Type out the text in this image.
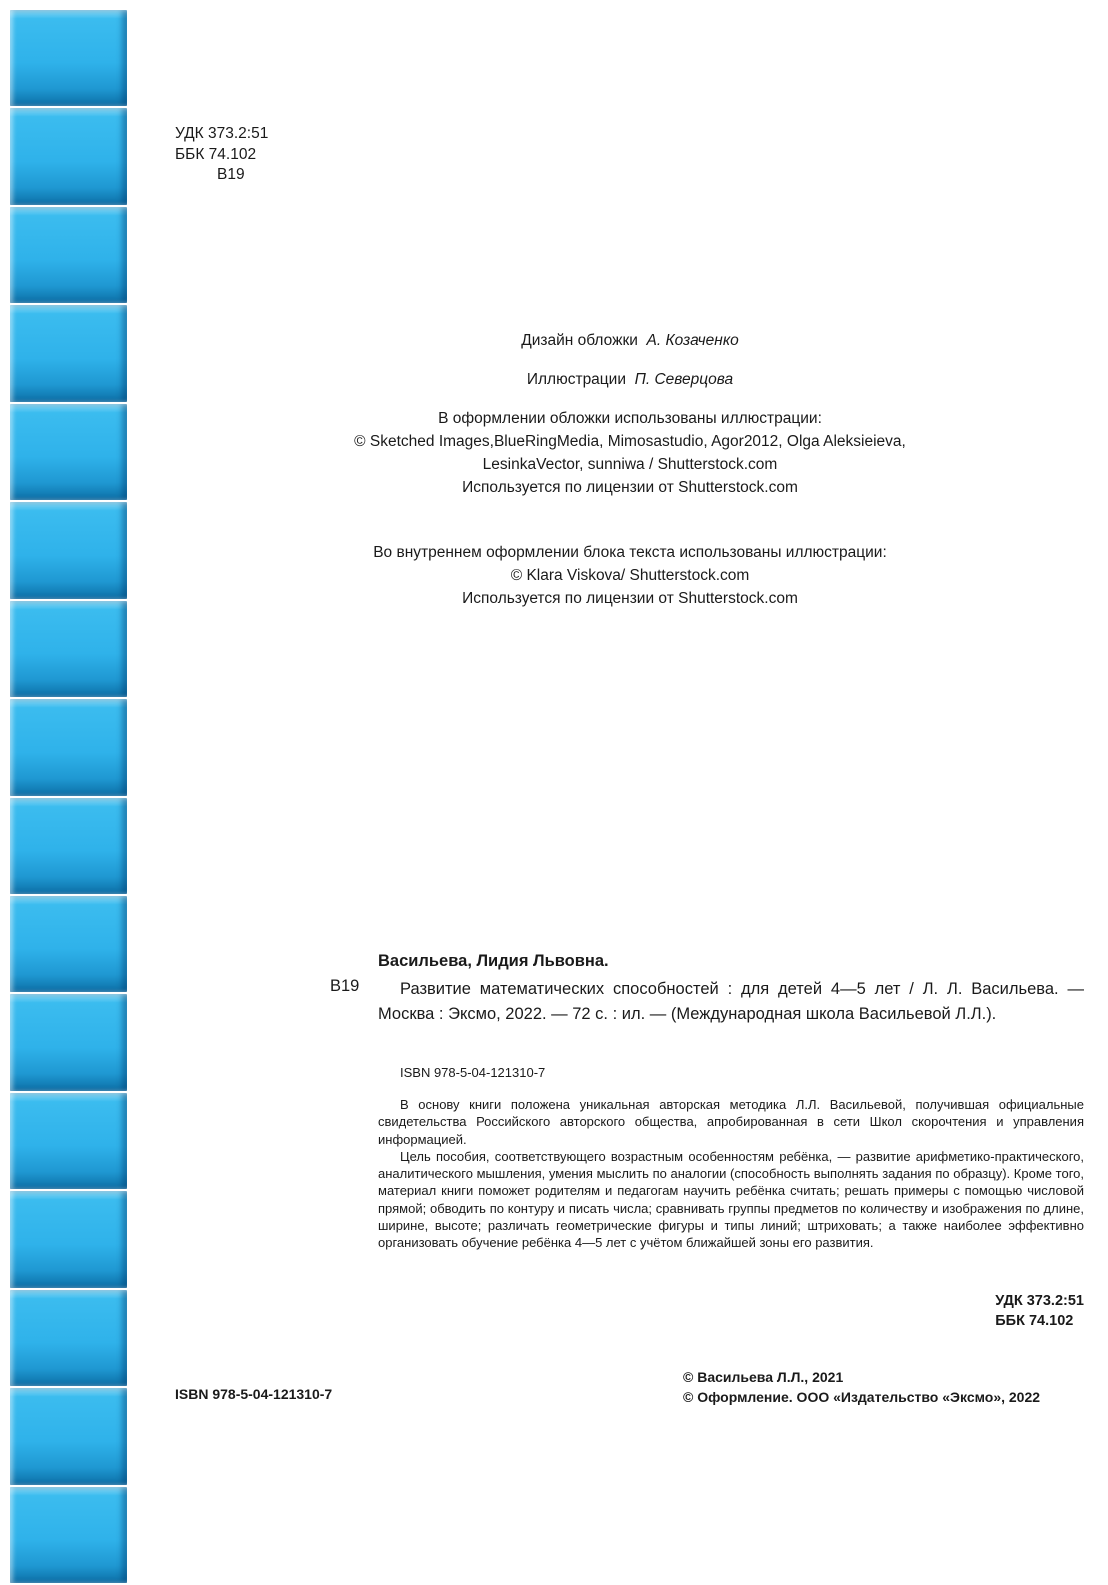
УДК 373.2:51
ББК 74.102
В19
Дизайн обложки А. Козаченко
Иллюстрации П. Северцова
В оформлении обложки использованы иллюстрации:
© Sketched Images,BlueRingMedia, Mimosastudio, Agor2012, Olga Aleksieieva,
LesinkaVector, sunniwa / Shutterstock.com
Используется по лицензии от Shutterstock.com
Во внутреннем оформлении блока текста использованы иллюстрации:
© Klara Viskova/ Shutterstock.com
Используется по лицензии от Shutterstock.com
Васильева, Лидия Львовна.
В19	Развитие математических способностей : для детей 4—5 лет / Л. Л. Васильева. — Москва : Эксмо, 2022. — 72 с. : ил. — (Международная школа Васильевой Л.Л.).
ISBN 978-5-04-121310-7

В основу книги положена уникальная авторская методика Л.Л. Васильевой, получившая официальные свидетельства Российского авторского общества, апробированная в сети Школ скорочтения и управления информацией.

Цель пособия, соответствующего возрастным особенностям ребёнка, — развитие арифметико-практического, аналитического мышления, умения мыслить по аналогии (способность выполнять задания по образцу). Кроме того, материал книги поможет родителям и педагогам научить ребёнка считать; решать примеры с помощью числовой прямой; обводить по контуру и писать числа; сравнивать группы предметов по количеству и изображения по длине, ширине, высоте; различать геометрические фигуры и типы линий; штриховать; а также наиболее эффективно организовать обучение ребёнка 4—5 лет с учётом ближайшей зоны его развития.

УДК 373.2:51
ББК 74.102
ISBN 978-5-04-121310-7
© Васильева Л.Л., 2021
© Оформление. ООО «Издательство «Эксмо», 2022
